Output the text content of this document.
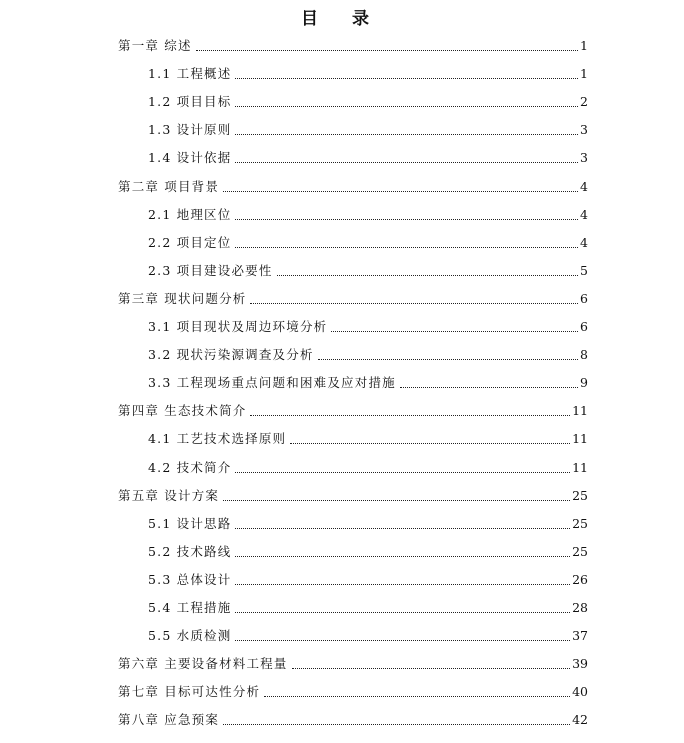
目 录
第一章 综述	1
1.1 工程概述	1
1.2 项目目标	2
1.3 设计原则	3
1.4 设计依据	3
第二章 项目背景	4
2.1 地理区位	4
2.2 项目定位	4
2.3 项目建设必要性	5
第三章 现状问题分析	6
3.1 项目现状及周边环境分析	6
3.2 现状污染源调查及分析	8
3.3 工程现场重点问题和困难及应对措施	9
第四章 生态技术简介	11
4.1 工艺技术选择原则	11
4.2 技术简介	11
第五章 设计方案	25
5.1 设计思路	25
5.2 技术路线	25
5.3 总体设计	26
5.4 工程措施	28
5.5 水质检测	37
第六章 主要设备材料工程量	39
第七章 目标可达性分析	40
第八章 应急预案	42
